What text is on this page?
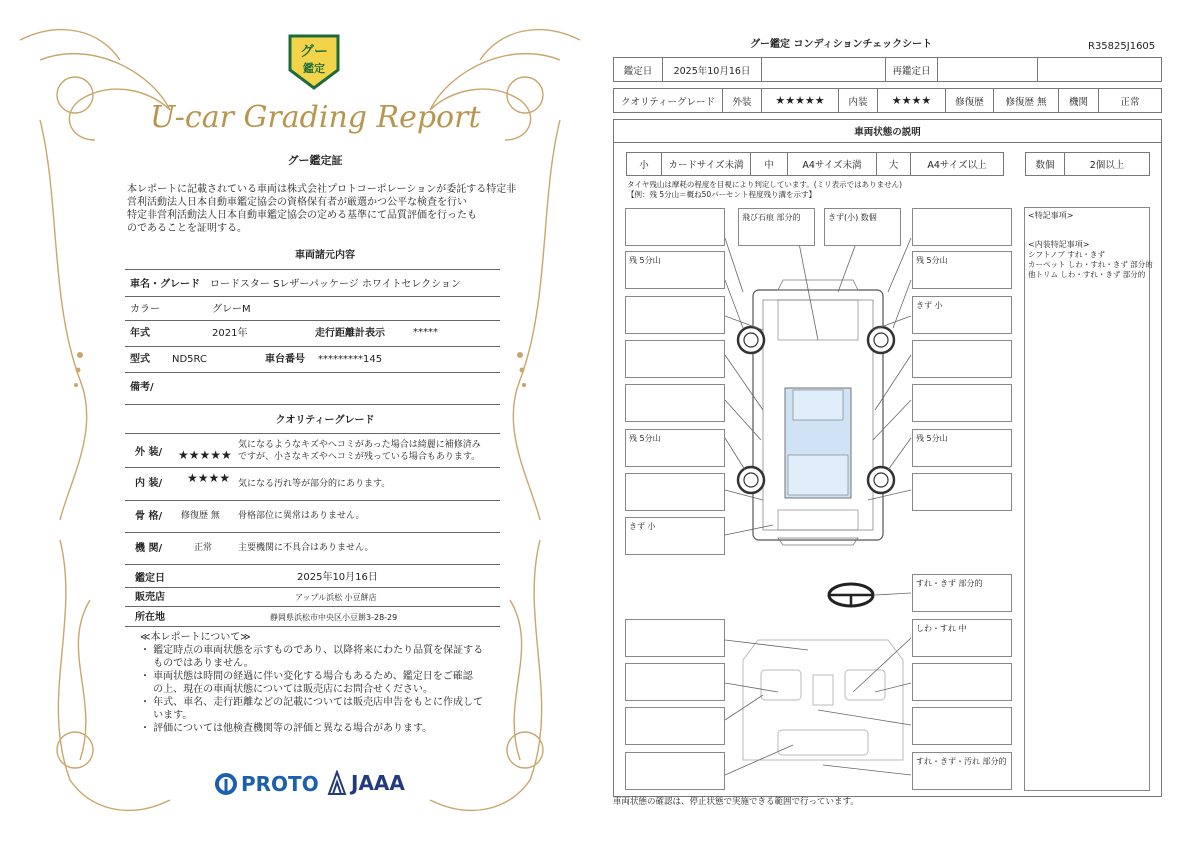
グー
鑑定
U-car Grading Report
グー鑑定証
本レポートに記載されている車両は株式会社プロトコーポレーションが委託する特定非
営利活動法人日本自動車鑑定協会の資格保有者が厳選かつ公平な検査を行い
特定非営利活動法人日本自動車鑑定協会の定める基準にて品質評価を行ったも
のであることを証明する。
車両諸元内容
車名・グレード ロードスター Sレザーパッケージ ホワイトセレクション
カラー	グレーM
年式	2021年	走行距離計表示	*****
型式 ND5RC	車台番号 *********145
備考/
クオリティーグレード
外 装/ ★★★★★
気になるようなキズやヘコミがあった場合は綺麗に補修済み
ですが、小さなキズやヘコミが残っている場合もあります。
内 装/ ★★★★ 気になる汚れ等が部分的にあります。
骨 格/ 修復歴 無 骨格部位に異常はありません。
機 関/	正常	主要機関に不具合はありません。
鑑定日	2025年10月16日
販売店	アップル浜松 小豆餅店
所在地	静岡県浜松市中央区小豆餅3-28-29
≪本レポートについて≫
・ 鑑定時点の車両状態を示すものであり、以降将来にわたり品質を保証する
　 ものではありません。
・ 車両状態は時間の経過に伴い変化する場合もあるため、鑑定日をご確認
　 の上、現在の車両状態については販売店にお問合せください。
・ 年式、車名、走行距離などの記載については販売店申告をもとに作成して
　 います。
・ 評価については他検査機関等の評価と異なる場合があります。
PROTO JAAA
グー鑑定 コンディションチェックシート	R35825J1605
鑑定日	2025年10月16日	再鑑定日
クオリティーグレード	外装	★★★★★	内装	★★★★	修復歴	修復歴 無	機関	正常
車両状態の説明
小	カードサイズ未満	中	A4サイズ未満	大	A4サイズ以上	数個	2個以上
タイヤ残山は摩耗の程度を目視により判定しています。(ミリ表示ではありません)
【例：残 5分山＝概ね50パーセント程度残り溝を示す】
残 5分山
残 5分山
きず 小
飛び石痕 部分的	きず(小) 数個
残 5分山
きず 小
残 5分山
すれ・きず 部分的
しわ・すれ 中
すれ・きず・汚れ 部分的
<特記事項>
<内装特記事項>
シフトノブ すれ・きず
カーペット しわ・すれ・きず 部分的
他トリム しわ・すれ・きず 部分的
車両状態の確認は、停止状態で実施できる範囲で行っています。
